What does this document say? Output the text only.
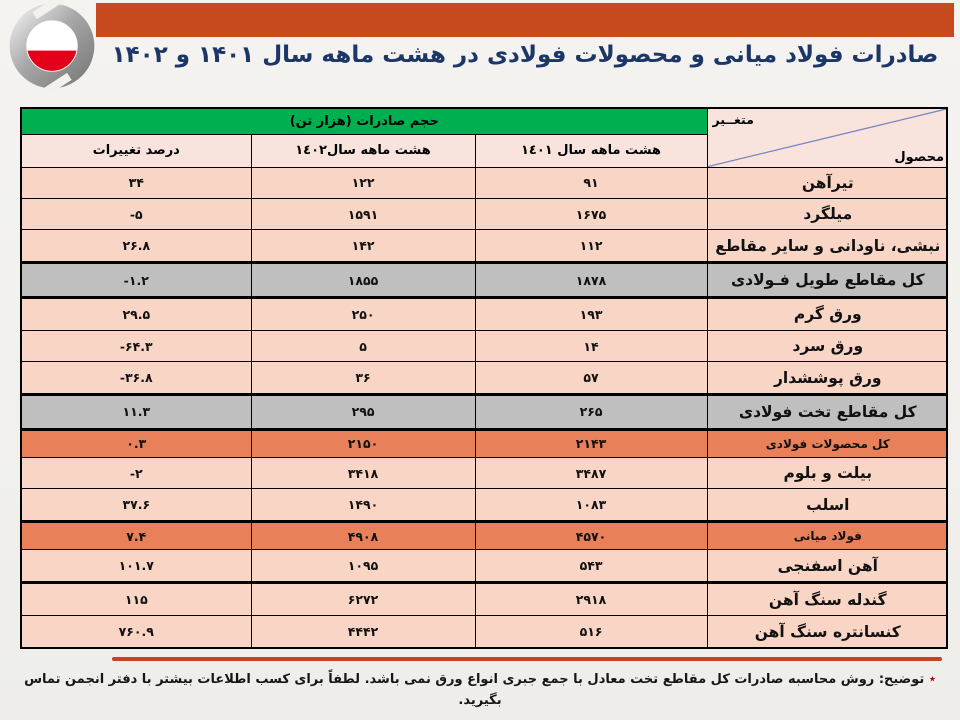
صادرات فولاد میانی و محصولات فولادی در هشت ماهه سال ۱۴۰۱ و ۱۴۰۲
متغــیر
محصول	حجم صادرات (هزار تن)		
	هشت ماهه سال ١٤٠١	هشت ماهه سال١٤٠٢	درصد تغییرات
تیرآهن	۹۱	۱۲۲	۳۴
میلگرد	۱۶۷۵	۱۵۹۱	-۵
نبشی، ناودانی و سایر مقاطع	۱۱۲	۱۴۲	۲۶.۸
کل مقاطع طویل فـولادی	۱۸۷۸	۱۸۵۵	-۱.۲
ورق گرم	۱۹۳	۲۵۰	۲۹.۵
ورق سرد	۱۴	۵	-۶۴.۳
ورق پوششدار	۵۷	۳۶	-۳۶.۸
کل مقاطع تخت فولادی	۲۶۵	۲۹۵	۱۱.۳
کل محصولات فولادی	۲۱۴۳	۲۱۵۰	۰.۳
بیلت و بلوم	۳۴۸۷	۳۴۱۸	-۲
اسلب	۱۰۸۳	۱۴۹۰	۳۷.۶
فولاد میانی	۴۵۷۰	۴۹۰۸	۷.۴
آهن اسفنجی	۵۴۳	۱۰۹۵	۱۰۱.۷
گندله سنگ آهن	۲۹۱۸	۶۲۷۲	۱۱۵
کنسانتره سنگ آهن	۵۱۶	۴۴۴۲	۷۶۰.۹
٭ توضیح: روش محاسبه صادرات کل مقاطع تخت معادل با جمع جبری انواع ورق نمی باشد. لطفاً برای کسب اطلاعات بیشتر با دفتر انجمن تماس بگیرید.
